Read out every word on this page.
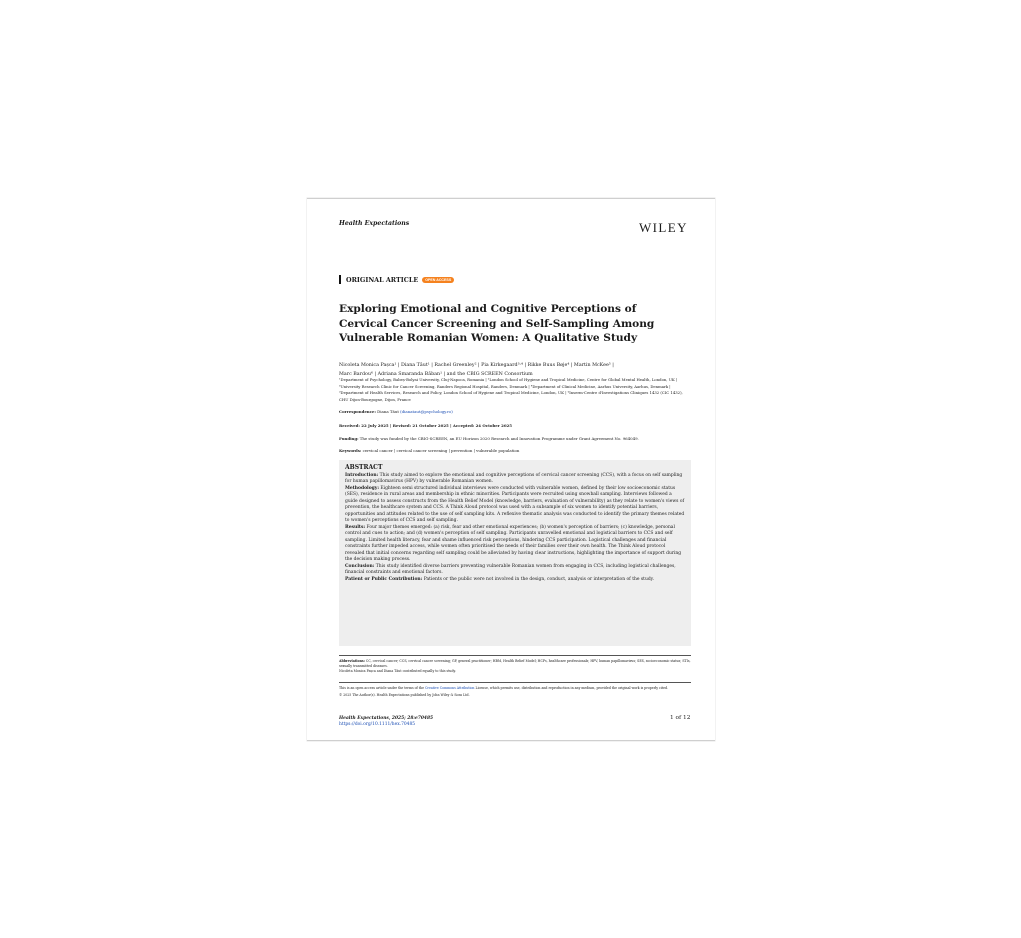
Health Expectations	WILEY
ORIGINAL ARTICLE	OPEN ACCESS
Exploring Emotional and Cognitive Perceptions of Cervical Cancer Screening and Self-Sampling Among Vulnerable Romanian Women: A Qualitative Study
Nicoleta Monica Pașca¹ | Diana Tăut¹ | Rachel Greenley² | Pia Kirkegaard³˒⁴ | Rikke Buus Bøje⁴ | Martin McKee⁵ |
Marc Bardou⁶ | Adriana Smaranda Băban¹ | and the CBIG SCREEN Consortium
¹Department of Psychology, Babeș-Bolyai University, Cluj-Napoca, Romania | ²London School of Hygiene and Tropical Medicine, Centre for Global Mental Health, London, UK | ³University Research Clinic for Cancer Screening, Randers Regional Hospital, Randers, Denmark | ⁴Department of Clinical Medicine, Aarhus University, Aarhus, Denmark | ⁵Department of Health Services, Research and Policy, London School of Hygiene and Tropical Medicine, London, UK | ⁶Inserm-Centre d'Investigations Cliniques 1432 (CIC 1432), CHU Dijon-Bourgogne, Dijon, France
Correspondence: Diana Tăut (dianataut@psychology.ro)
Received: 22 July 2025 | Revised: 21 October 2025 | Accepted: 24 October 2025
Funding: The study was funded by the CBIG-SCREEN, an EU Horizon 2020 Research and Innovation Programme under Grant Agreement No. 964049.
Keywords: cervical cancer | cervical cancer screening | prevention | vulnerable population
ABSTRACT
Introduction: This study aimed to explore the emotional and cognitive perceptions of cervical cancer screening (CCS), with a focus on self sampling for human papillomavirus (HPV) by vulnerable Romanian women.
Methodology: Eighteen semi structured individual interviews were conducted with vulnerable women, defined by their low socioeconomic status (SES), residence in rural areas and membership in ethnic minorities. Participants were recruited using snowball sampling. Interviews followed a guide designed to assess constructs from the Health Belief Model (knowledge, barriers, evaluation of vulnerability) as they relate to women's views of prevention, the healthcare system and CCS. A Think Aloud protocol was used with a subsample of six women to identify potential barriers, opportunities and attitudes related to the use of self sampling kits. A reflexive thematic analysis was conducted to identify the primary themes related to women's perceptions of CCS and self sampling.
Results: Four major themes emerged: (a) risk, fear and other emotional experiences; (b) women's perception of barriers; (c) knowledge, personal control and cues to action; and (d) women's perception of self sampling. Participants unravelled emotional and logistical barriers to CCS and self sampling. Limited health literacy, fear and shame influenced risk perceptions, hindering CCS participation. Logistical challenges and financial constraints further impeded access, while women often prioritised the needs of their families over their own health. The Think Aloud protocol revealed that initial concerns regarding self sampling could be alleviated by having clear instructions, highlighting the importance of support during the decision making process.
Conclusion: This study identified diverse barriers preventing vulnerable Romanian women from engaging in CCS, including logistical challenges, financial constraints and emotional factors.
Patient or Public Contribution: Patients or the public were not involved in the design, conduct, analysis or interpretation of the study.
Abbreviations: CC, cervical cancer; CCS, cervical cancer screening; GP, general practitioner; HBM, Health Belief Model; HCPs, healthcare professionals; HPV, human papillomavirus; SES, socioeconomic status; STIs, sexually transmitted diseases.
Nicoleta Monica Pașca and Diana Tăut contributed equally to this study.
This is an open access article under the terms of the Creative Commons Attribution License, which permits use, distribution and reproduction in any medium, provided the original work is properly cited.
© 2025 The Author(s). Health Expectations published by John Wiley & Sons Ltd.
Health Expectations, 2025; 28:e70485
https://doi.org/10.1111/hex.70485
1 of 12
